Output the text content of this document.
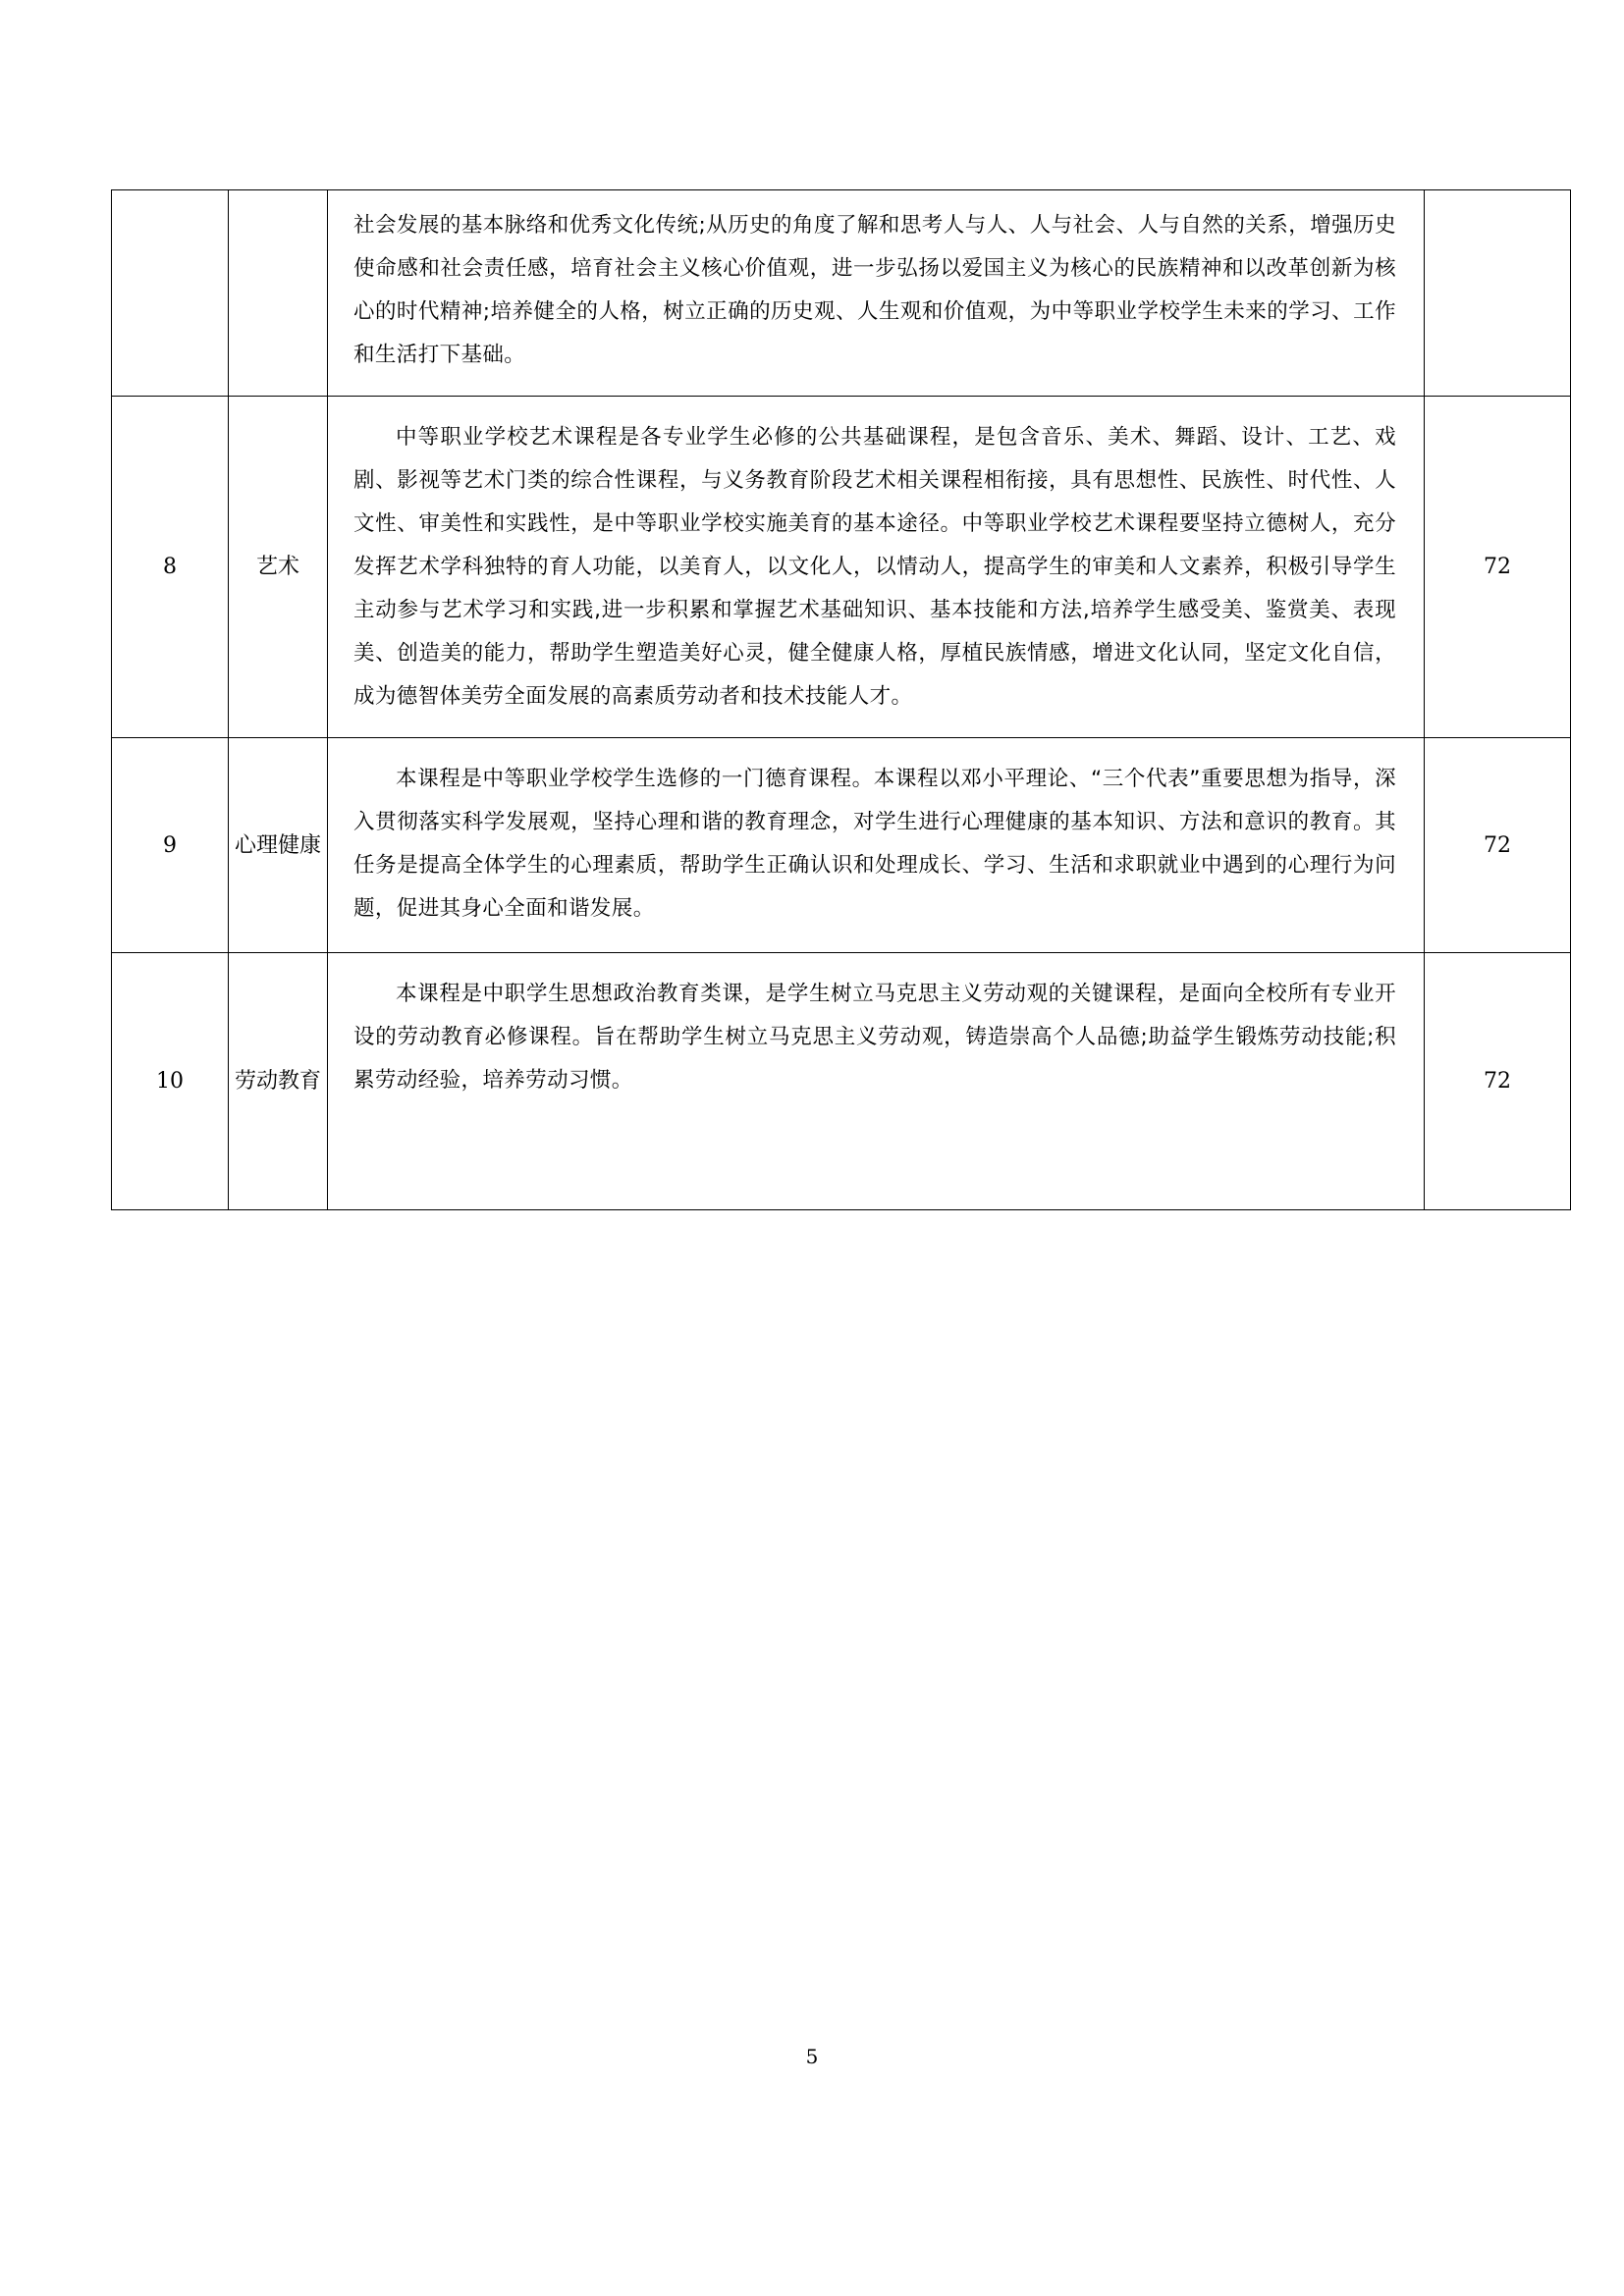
		社会发展的基本脉络和优秀文化传统;从历史的角度了解和思考人与人、人与社会、人与自然的关系，增强历史使命感和社会责任感，培育社会主义核心价值观，进一步弘扬以爱国主义为核心的民族精神和以改革创新为核心的时代精神;培养健全的人格，树立正确的历史观、人生观和价值观，为中等职业学校学生未来的学习、工作和生活打下基础。	

8	艺术	中等职业学校艺术课程是各专业学生必修的公共基础课程，是包含音乐、美术、舞蹈、设计、工艺、戏剧、影视等艺术门类的综合性课程，与义务教育阶段艺术相关课程相衔接，具有思想性、民族性、时代性、人文性、审美性和实践性，是中等职业学校实施美育的基本途径。中等职业学校艺术课程要坚持立德树人，充分发挥艺术学科独特的育人功能，以美育人，以文化人，以情动人，提高学生的审美和人文素养，积极引导学生主动参与艺术学习和实践,进一步积累和掌握艺术基础知识、基本技能和方法,培养学生感受美、鉴赏美、表现美、创造美的能力，帮助学生塑造美好心灵，健全健康人格，厚植民族情感，增进文化认同，坚定文化自信，成为德智体美劳全面发展的高素质劳动者和技术技能人才。	72
9	心理健康	本课程是中等职业学校学生选修的一门德育课程。本课程以邓小平理论、“三个代表”重要思想为指导，深入贯彻落实科学发展观，坚持心理和谐的教育理念，对学生进行心理健康的基本知识、方法和意识的教育。其任务是提高全体学生的心理素质，帮助学生正确认识和处理成长、学习、生活和求职就业中遇到的心理行为问题，促进其身心全面和谐发展。	72
10	劳动教育	本课程是中职学生思想政治教育类课，是学生树立马克思主义劳动观的关键课程，是面向全校所有专业开设的劳动教育必修课程。旨在帮助学生树立马克思主义劳动观，铸造崇高个人品德;助益学生锻炼劳动技能;积累劳动经验，培养劳动习惯。	72
5
